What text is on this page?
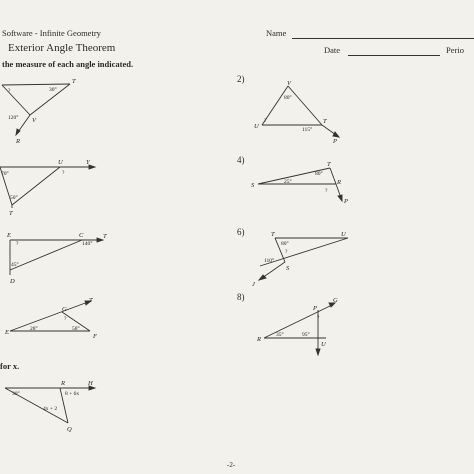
Software - Infinite Geometry	Name
Exterior Angle Theorem	Date	Perio
the measure of each angle indicated.
2)
4)
6)
8)
for x.
T
V
R
?	30°
120°
V
U
T
P
80°
?
115°
U	Y
T
?
70°
50°
T
S	R
P
80°
25°
?
E	C	T
D
?	140°
45°
T	U
S
J
80°
110°
?
G
T
E
F
?
28°	58°
P
G
R
U
?
35°	95°
R	H
Q
30°	8 + 6x
4x + 2
-2-
